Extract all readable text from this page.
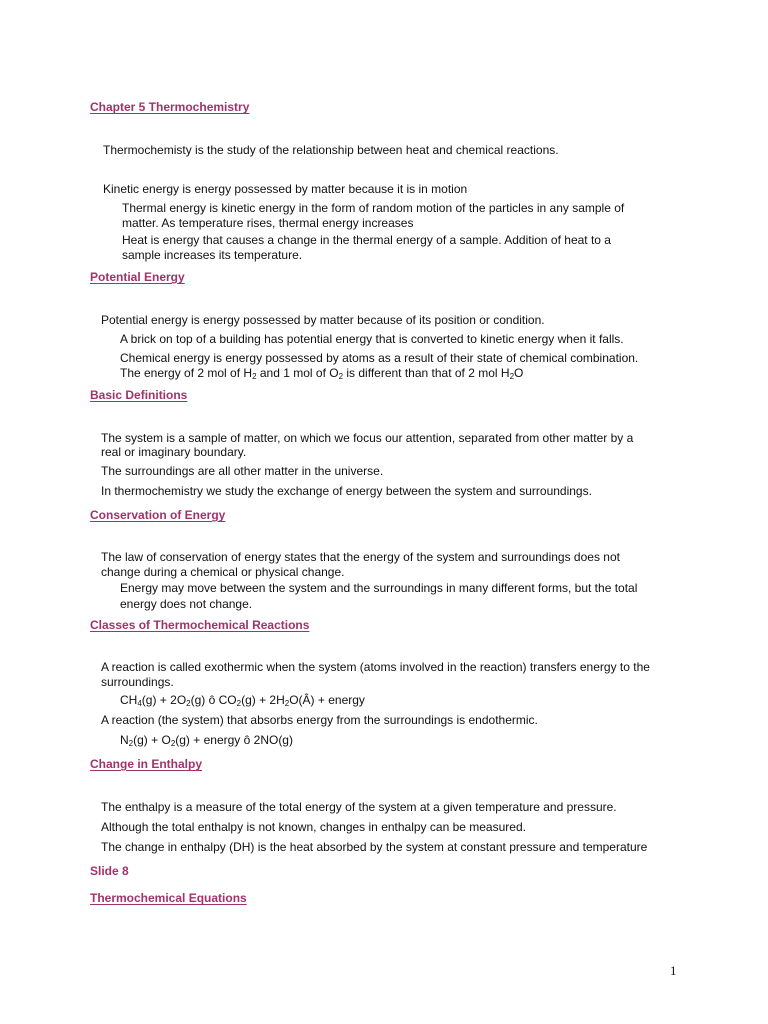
Chapter 5 Thermochemistry
Thermochemisty is the study of the relationship between heat and chemical reactions.
Kinetic energy is energy possessed by matter because it is in motion
Thermal energy is kinetic energy in the form of random motion of the particles in any sample of
matter. As temperature rises, thermal energy increases
Heat is energy that causes a change in the thermal energy of a sample. Addition of heat to a
sample increases its temperature.
Potential Energy
Potential energy is energy possessed by matter because of its position or condition.
A brick on top of a building has potential energy that is converted to kinetic energy when it falls.
Chemical energy is energy possessed by atoms as a result of their state of chemical combination.
The energy of 2 mol of $H_2$ and 1 mol of $O_2$ is different than that of 2 mol $H_2O$
Basic Definitions
The system is a sample of matter, on which we focus our attention, separated from other matter by a
real or imaginary boundary.
The surroundings are all other matter in the universe.
In thermochemistry we study the exchange of energy between the system and surroundings.
Conservation of Energy
The law of conservation of energy states that the energy of the system and surroundings does not
change during a chemical or physical change.
Energy may move between the system and the surroundings in many different forms, but the total
energy does not change.
Classes of Thermochemical Reactions
A reaction is called exothermic when the system (atoms involved in the reaction) transfers energy to the
surroundings.
$CH_4(g) + 2O_2(g)$ ô $CO_2(g)$ + $2H_2O(Â)$ + energy
A reaction (the system) that absorbs energy from the surroundings is endothermic.
$N_2(g) + O_2(g)$ + energy ô 2NO(g)
Change in Enthalpy
The enthalpy is a measure of the total energy of the system at a given temperature and pressure.
Although the total enthalpy is not known, changes in enthalpy can be measured.
The change in enthalpy (DH) is the heat absorbed by the system at constant pressure and temperature
Slide 8
Thermochemical Equations
1
